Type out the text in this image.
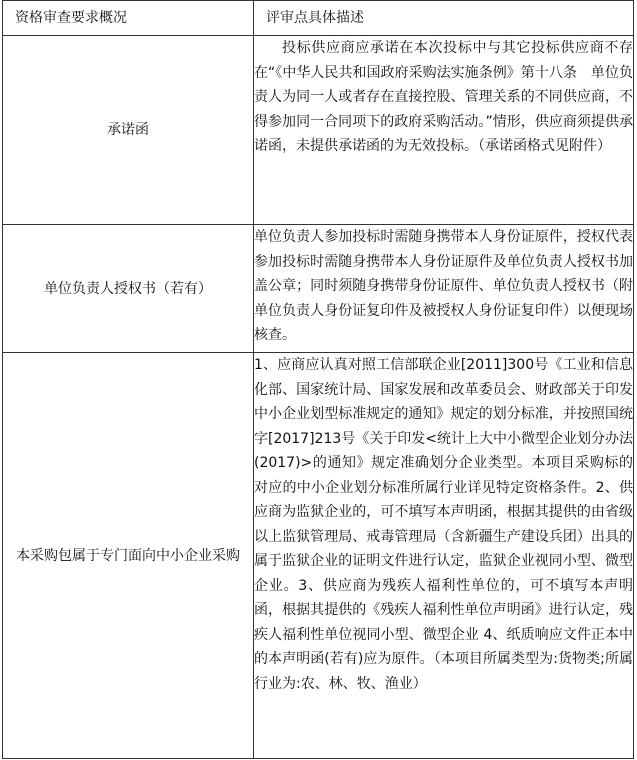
资格审查要求概况	评审点具体描述
承诺函	投标供应商应承诺在本次投标中与其它投标供应商不存在“《中华人民共和国政府采购法实施条例》第十八条　单位负责人为同一人或者存在直接控股、管理关系的不同供应商，不得参加同一合同项下的政府采购活动。”情形，供应商须提供承诺函，未提供承诺函的为无效投标。（承诺函格式见附件）
单位负责人授权书（若有）	单位负责人参加投标时需随身携带本人身份证原件，授权代表参加投标时需随身携带本人身份证原件及单位负责人授权书加盖公章；同时须随身携带身份证原件、单位负责人授权书（附单位负责人身份证复印件及被授权人身份证复印件）以便现场核查。
本采购包属于专门面向中小企业采购	1、应商应认真对照工信部联企业[2011]300号《工业和信息化部、国家统计局、国家发展和改革委员会、财政部关于印发中小企业划型标准规定的通知》规定的划分标准，并按照国统字[2017]213号《关于印发<统计上大中小微型企业划分办法(2017)>的通知》规定准确划分企业类型。本项目采购标的对应的中小企业划分标准所属行业详见特定资格条件。2、供应商为监狱企业的，可不填写本声明函，根据其提供的由省级以上监狱管理局、戒毒管理局（含新疆生产建设兵团）出具的属于监狱企业的证明文件进行认定，监狱企业视同小型、微型企业。3、供应商为残疾人福利性单位的，可不填写本声明函，根据其提供的《残疾人福利性单位声明函》进行认定，残疾人福利性单位视同小型、微型企业 4、纸质响应文件正本中的本声明函(若有)应为原件。（本项目所属类型为:货物类;所属行业为:农、林、牧、渔业）
